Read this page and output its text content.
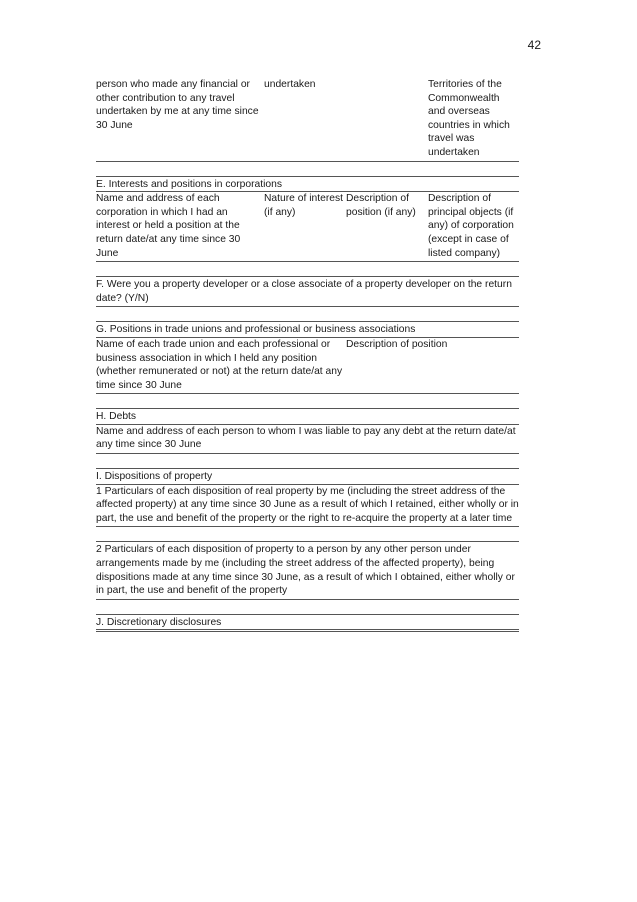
42
person who made any financial or other contribution to any travel undertaken by me at any time since 30 June
undertaken	Territories of the Commonwealth and overseas countries in which travel was undertaken
E. Interests and positions in corporations
Name and address of each corporation in which I had an interest or held a position at the return date/at any time since 30 June
Nature of interest (if any)
Description of position (if any)
Description of principal objects (if any) of corporation (except in case of listed company)
F. Were you a property developer or a close associate of a property developer on the return date? (Y/N)
G. Positions in trade unions and professional or business associations
Name of each trade union and each professional or business association in which I held any position (whether remunerated or not) at the return date/at any time since 30 June
Description of position
H. Debts
Name and address of each person to whom I was liable to pay any debt at the return date/at any time since 30 June
I. Dispositions of property
1 Particulars of each disposition of real property by me (including the street address of the affected property) at any time since 30 June as a result of which I retained, either wholly or in part, the use and benefit of the property or the right to re-acquire the property at a later time
2 Particulars of each disposition of property to a person by any other person under arrangements made by me (including the street address of the affected property), being dispositions made at any time since 30 June, as a result of which I obtained, either wholly or in part, the use and benefit of the property
J. Discretionary disclosures
